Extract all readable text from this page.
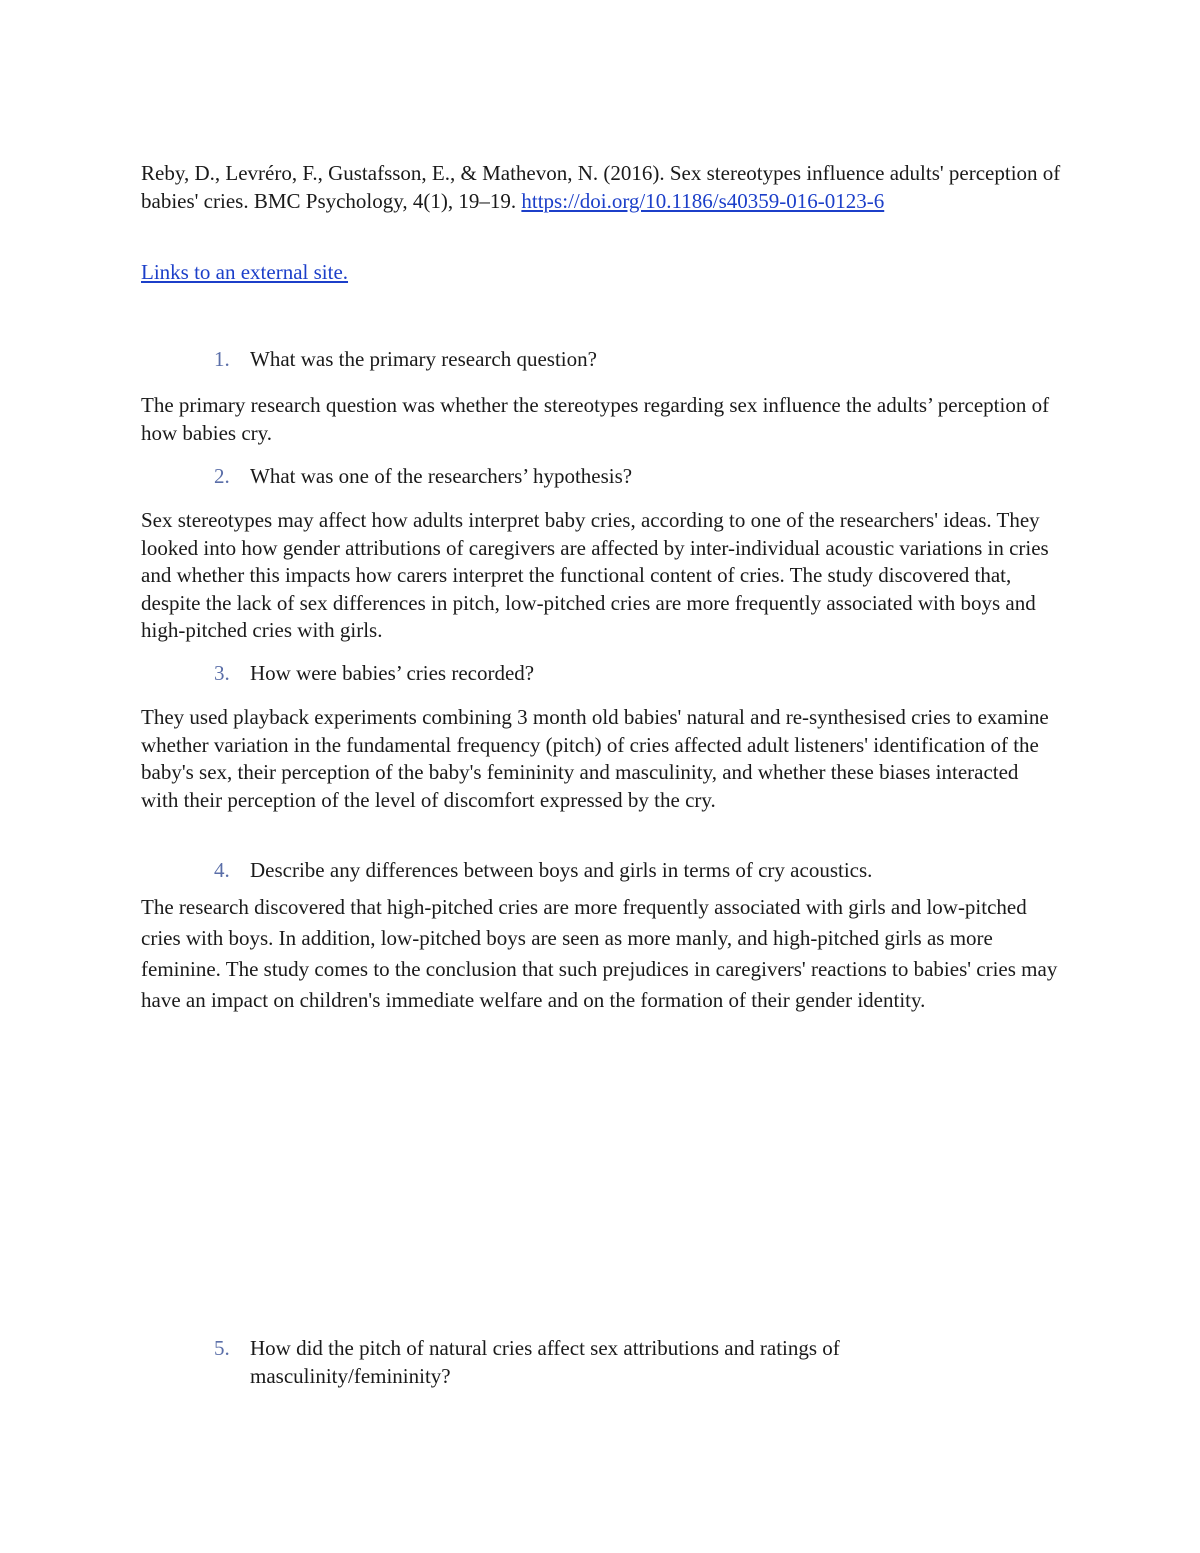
Reby, D., Levréro, F., Gustafsson, E., & Mathevon, N. (2016). Sex stereotypes influence adults' perception of babies' cries. BMC Psychology, 4(1), 19–19. https://doi.org/10.1186/s40359-016-0123-6

Links to an external site.

1. What was the primary research question?

The primary research question was whether the stereotypes regarding sex influence the adults’ perception of how babies cry.

2. What was one of the researchers’ hypothesis?

Sex stereotypes may affect how adults interpret baby cries, according to one of the researchers' ideas. They looked into how gender attributions of caregivers are affected by inter-individual acoustic variations in cries and whether this impacts how carers interpret the functional content of cries. The study discovered that, despite the lack of sex differences in pitch, low-pitched cries are more frequently associated with boys and high-pitched cries with girls.

3. How were babies’ cries recorded?

They used playback experiments combining 3 month old babies' natural and re-synthesised cries to examine whether variation in the fundamental frequency (pitch) of cries affected adult listeners' identification of the baby's sex, their perception of the baby's femininity and masculinity, and whether these biases interacted with their perception of the level of discomfort expressed by the cry.

4. Describe any differences between boys and girls in terms of cry acoustics.

The research discovered that high-pitched cries are more frequently associated with girls and low-pitched cries with boys. In addition, low-pitched boys are seen as more manly, and high-pitched girls as more feminine. The study comes to the conclusion that such prejudices in caregivers' reactions to babies' cries may have an impact on children's immediate welfare and on the formation of their gender identity.

5. How did the pitch of natural cries affect sex attributions and ratings of masculinity/femininity?
